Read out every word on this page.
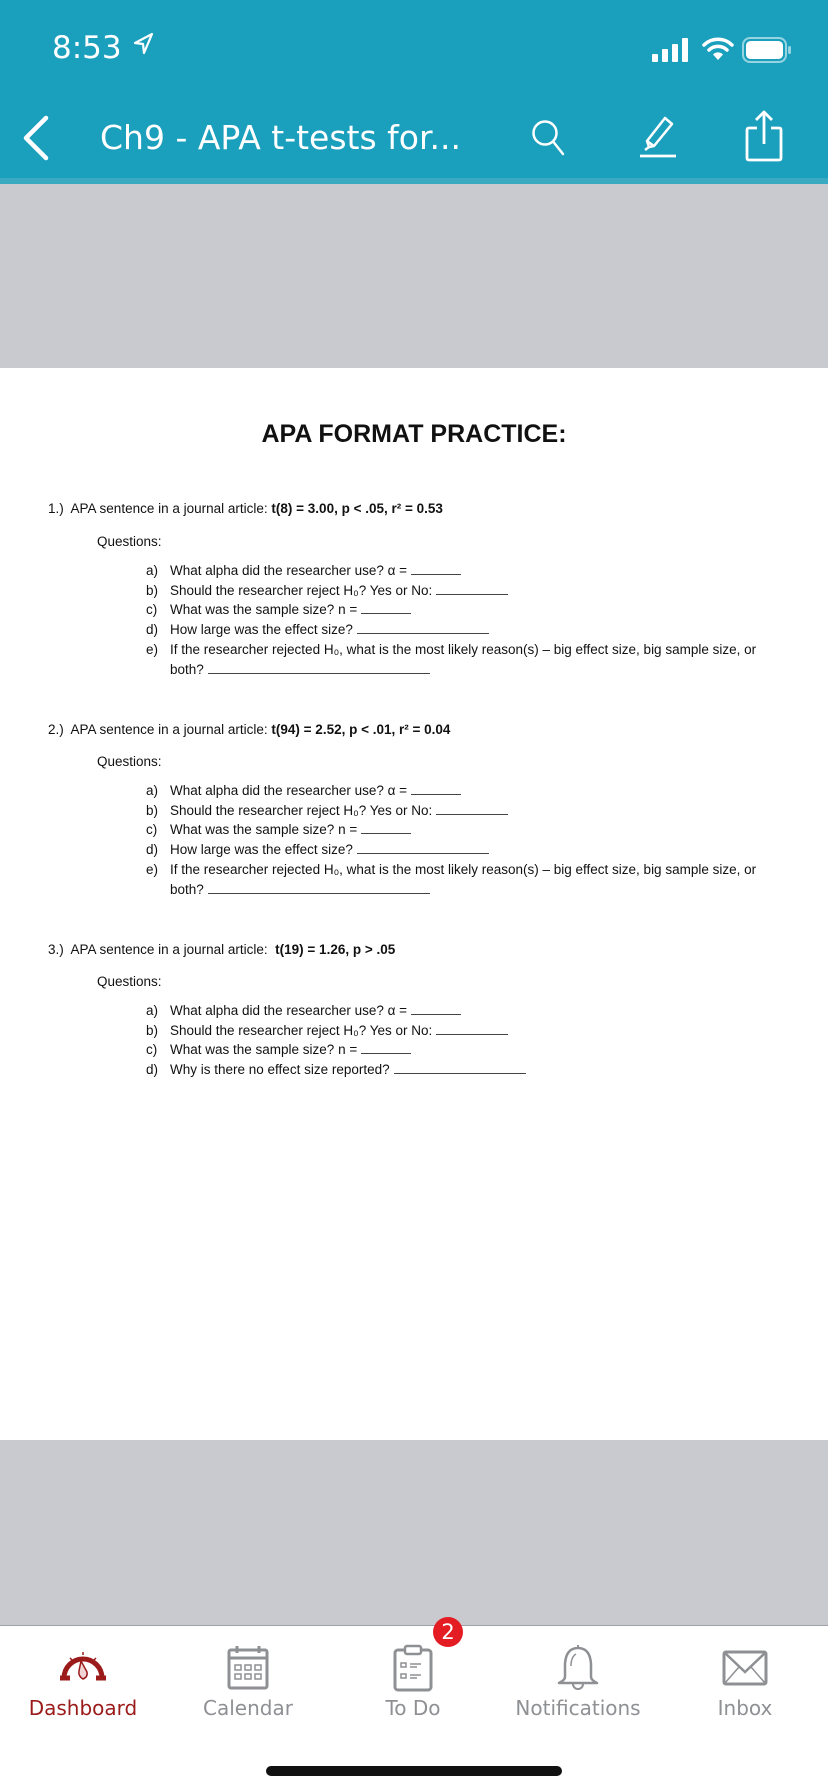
8:53
Ch9 - APA t-tests for...
APA FORMAT PRACTICE:
1.) APA sentence in a journal article: t(8) = 3.00, p < .05, r² = 0.53
Questions:
a) What alpha did the researcher use? α =
b) Should the researcher reject H₀? Yes or No:
c) What was the sample size? n =
d) How large was the effect size?
e) If the researcher rejected H₀, what is the most likely reason(s) – big effect size, big sample size, or both?
2.) APA sentence in a journal article: t(94) = 2.52, p < .01, r² = 0.04
Questions:
a) What alpha did the researcher use? α =
b) Should the researcher reject H₀? Yes or No:
c) What was the sample size? n =
d) How large was the effect size?
e) If the researcher rejected H₀, what is the most likely reason(s) – big effect size, big sample size, or both?
3.) APA sentence in a journal article: t(19) = 1.26, p > .05
Questions:
a) What alpha did the researcher use? α =
b) Should the researcher reject H₀? Yes or No:
c) What was the sample size? n =
d) Why is there no effect size reported?
Dashboard	Calendar	To Do	Notifications	Inbox
2
